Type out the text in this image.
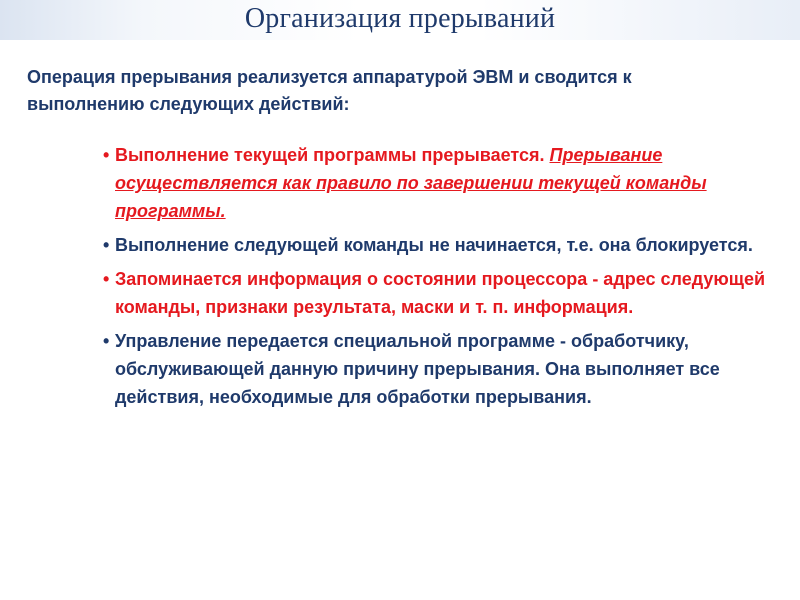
Организация прерываний

Операция прерывания реализуется аппаратурой ЭВМ и сводится к выполнению следующих действий:

• Выполнение текущей программы прерывается. Прерывание осуществляется как правило по завершении текущей команды программы.
• Выполнение следующей команды не начинается, т.е. она блокируется.
• Запоминается информация о состоянии процессора - адрес следующей команды, признаки результата, маски и т. п. информация.
• Управление передается специальной программе - обработчику, обслуживающей данную причину прерывания. Она выполняет все действия, необходимые для обработки прерывания.
